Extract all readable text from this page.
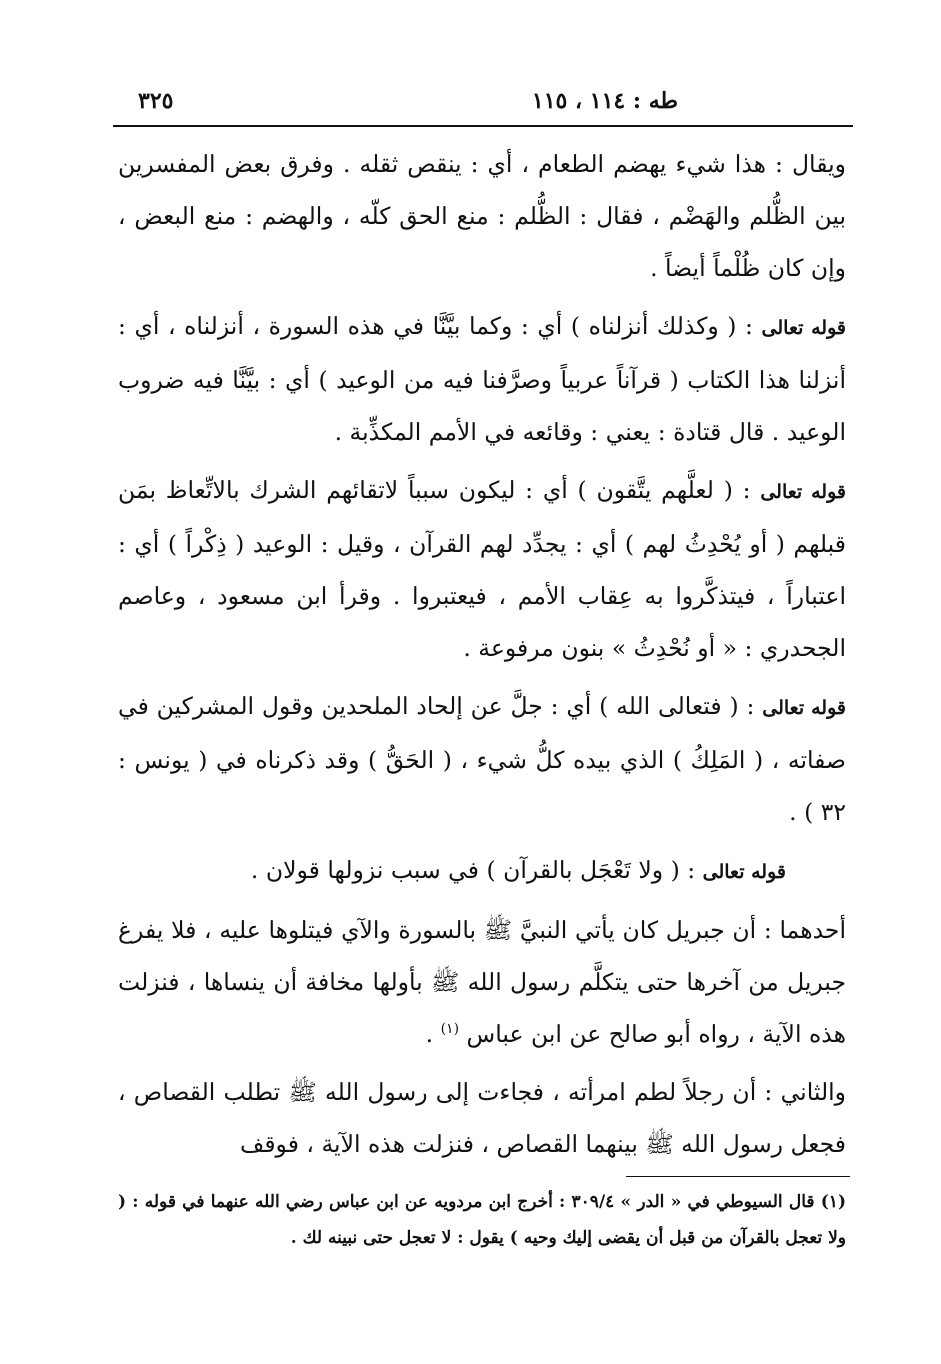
طه : ١١٤ ، ١١٥
٣٢٥

ويقال : هذا شيء يهضم الطعام ، أي : ينقص ثقله . وفرق بعض المفسرين بين الظُّلم والهَضْم ، فقال : الظُّلم : منع الحق كلّه ، والهضم : منع البعض ، وإن كان ظُلْماً أيضاً .

قوله تعالى : ( وكذلك أنزلناه ) أي : وكما بيَّنَّا في هذه السورة ، أنزلناه ، أي : أنزلنا هذا الكتاب ( قرآناً عربياً وصرَّفنا فيه من الوعيد ) أي : بيَّنَّا فيه ضروب الوعيد . قال قتادة : يعني : وقائعه في الأمم المكذِّبة .

قوله تعالى : ( لعلَّهم يتَّقون ) أي : ليكون سبباً لاتقائهم الشرك بالاتِّعاظ بمَن قبلهم ( أو يُحْدِثُ لهم ) أي : يجدِّد لهم القرآن ، وقيل : الوعيد ( ذِكْراً ) أي : اعتباراً ، فيتذكَّروا به عِقاب الأمم ، فيعتبروا . وقرأ ابن مسعود ، وعاصم الجحدري : « أو نُحْدِثُ » بنون مرفوعة .

قوله تعالى : ( فتعالى الله ) أي : جلَّ عن إلحاد الملحدين وقول المشركين في صفاته ، ( المَلِكُ ) الذي بيده كلُّ شيء ، ( الحَقُّ ) وقد ذكرناه في ( يونس : ٣٢ ) .

قوله تعالى : ( ولا تَعْجَل بالقرآن ) في سبب نزولها قولان .

أحدهما : أن جبريل كان يأتي النبيَّ ﷺ بالسورة والآي فيتلوها عليه ، فلا يفرغ جبريل من آخرها حتى يتكلَّم رسول الله ﷺ بأولها مخافة أن ينساها ، فنزلت هذه الآية ، رواه أبو صالح عن ابن عباس $^{(١)}$ .

والثاني : أن رجلاً لطم امرأته ، فجاءت إلى رسول الله ﷺ تطلب القصاص ، فجعل رسول الله ﷺ بينهما القصاص ، فنزلت هذه الآية ، فوقف

(١) قال السيوطي في « الدر » ٣٠٩/٤ : أخرج ابن مردويه عن ابن عباس رضي الله عنهما في قوله : ( ولا تعجل بالقرآن من قبل أن يقضى إليك وحيه ) يقول : لا تعجل حتى نبينه لك .
